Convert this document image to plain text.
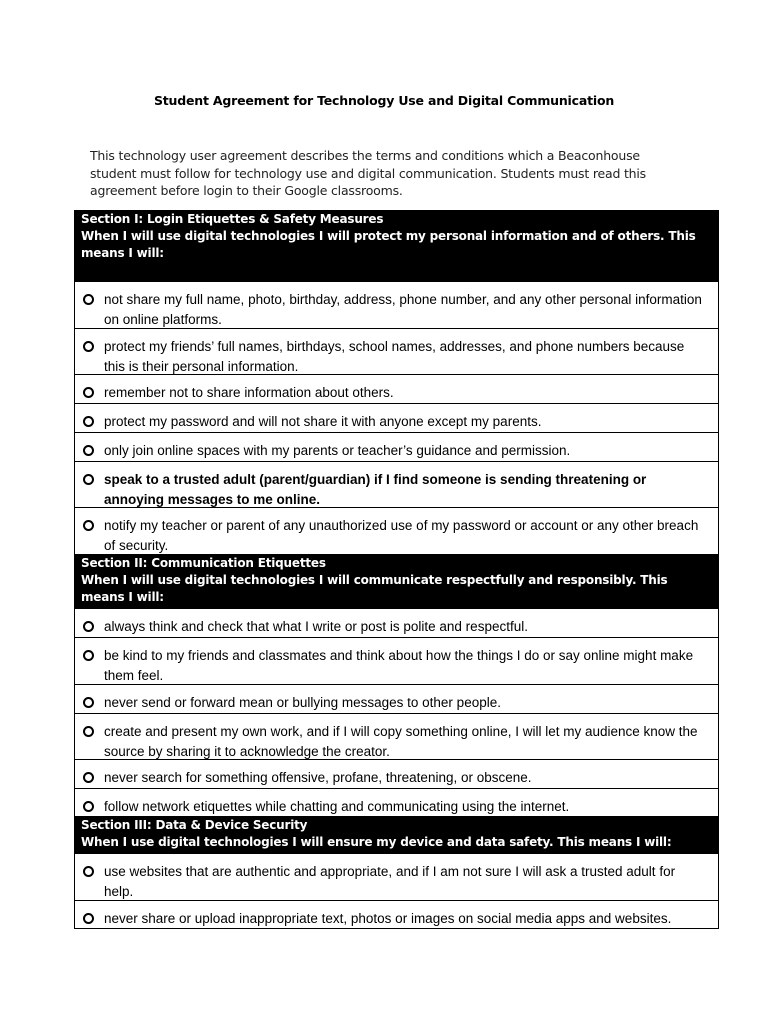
Student Agreement for Technology Use and Digital Communication
This technology user agreement describes the terms and conditions which a Beaconhouse student must follow for technology use and digital communication. Students must read this agreement before login to their Google classrooms.
Section I: Login Etiquettes & Safety Measures
When I will use digital technologies I will protect my personal information and of others. This means I will:
not share my full name, photo, birthday, address, phone number, and any other personal information on online platforms.
protect my friends’ full names, birthdays, school names, addresses, and phone numbers because this is their personal information.
remember not to share information about others.
protect my password and will not share it with anyone except my parents.
only join online spaces with my parents or teacher’s guidance and permission.
speak to a trusted adult (parent/guardian) if I find someone is sending threatening or annoying messages to me online.
notify my teacher or parent of any unauthorized use of my password or account or any other breach of security.
Section II: Communication Etiquettes
When I will use digital technologies I will communicate respectfully and responsibly. This means I will:
always think and check that what I write or post is polite and respectful.
be kind to my friends and classmates and think about how the things I do or say online might make them feel.
never send or forward mean or bullying messages to other people.
create and present my own work, and if I will copy something online, I will let my audience know the source by sharing it to acknowledge the creator.
never search for something offensive, profane, threatening, or obscene.
follow network etiquettes while chatting and communicating using the internet.
Section III: Data & Device Security
When I use digital technologies I will ensure my device and data safety. This means I will:
use websites that are authentic and appropriate, and if I am not sure I will ask a trusted adult for help.
never share or upload inappropriate text, photos or images on social media apps and websites.
